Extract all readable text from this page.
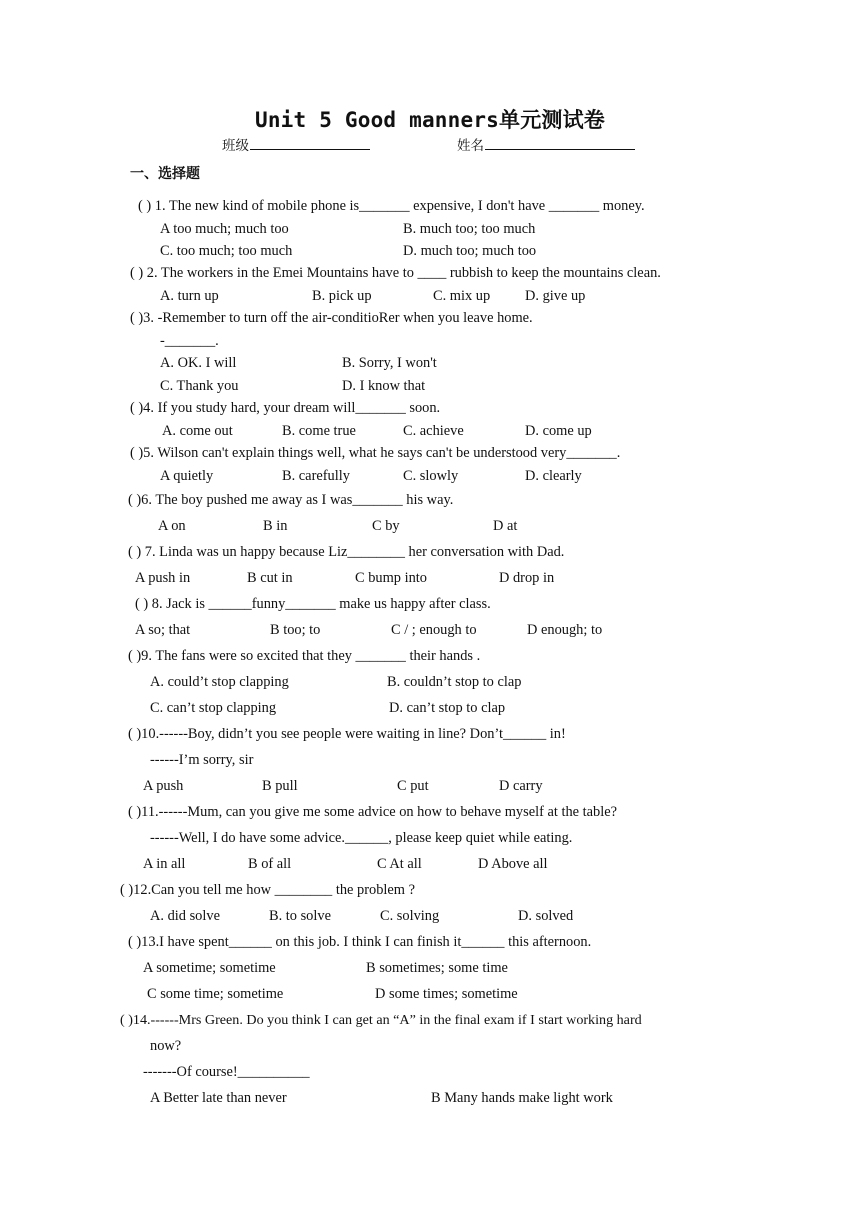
Unit 5 Good manners单元测试卷
班级	姓名
一、选择题
( ) 1. The new kind of mobile phone is_______ expensive, I don't have _______ money.
A too much; much too	B. much too; too much
C. too much; too much	D. much too; much too
( ) 2. The workers in the Emei Mountains have to ____ rubbish to keep the mountains clean.
A. turn up	B. pick up	C. mix up D. give up
( )3. -Remember to turn off the air-conditioRer when you leave home.
-_______.
A. OK. I will	B. Sorry, I won't
C. Thank you	D. I know that
( )4. If you study hard, your dream will_______ soon.
A. come out	B. come true	C. achieve	D. come up
( )5. Wilson can't explain things well, what he says can't be understood very_______.
A quietly	B. carefully	C. slowly	D. clearly
( )6. The boy pushed me away as I was_______ his way.
A on	B in	C by	D at
( ) 7. Linda was un happy because Liz________ her conversation with Dad.
A push in	B cut in	C bump into	D drop in
( ) 8. Jack is ______funny_______ make us happy after class.
A so; that	B too; to	C / ; enough to	D enough; to
( )9. The fans were so excited that they _______ their hands .
A. could’t stop clapping	B. couldn’t stop to clap
C. can’t stop clapping	D. can’t stop to clap
( )10.------Boy, didn’t you see people were waiting in line? Don’t______ in!
------I’m sorry, sir
A push	B pull	C put	D carry
( )11.------Mum, can you give me some advice on how to behave myself at the table?
------Well, I do have some advice.______, please keep quiet while eating.
A in all	B of all	C At all	D Above all
( )12.Can you tell me how ________ the problem ?
A. did solve	B. to solve	C. solving	D. solved
( )13.I have spent______ on this job. I think I can finish it______ this afternoon.
A sometime; sometime	B sometimes; some time
C some time; sometime	D some times; sometime
( )14.------Mrs Green. Do you think I can get an “A” in the final exam if I start working hard
now?
-------Of course!__________
A Better late than never	B Many hands make light work
